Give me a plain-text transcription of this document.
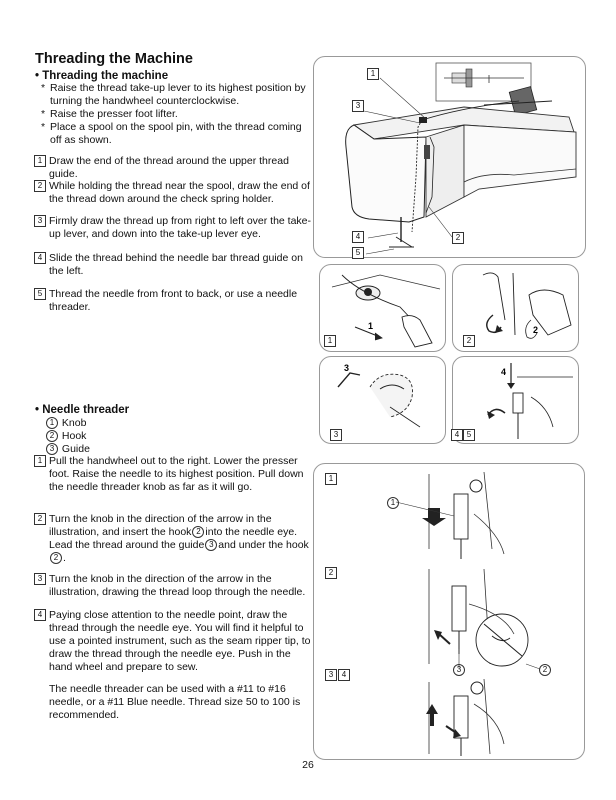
Threading the Machine
• Threading the machine
* Raise the thread take-up lever to its highest position by turning the handwheel counterclockwise.
* Raise the presser foot lifter.
* Place a spool on the spool pin, with the thread coming off as shown.
1 Draw the end of the thread around the upper thread guide.
2 While holding the thread near the spool, draw the end of the thread down around the check spring holder.
3 Firmly draw the thread up from right to left over the take-up lever, and down into the take-up lever eye.
4 Slide the thread behind the needle bar thread guide on the left.
5 Thread the needle from front to back, or use a needle threader.
• Needle threader
1 Knob
2 Hook
3 Guide
1 Pull the handwheel out to the right. Lower the presser foot. Raise the needle to its highest position. Pull down the needle threader knob as far as it will go.
2 Turn the knob in the direction of the arrow in the illustration, and insert the hook 2 into the needle eye. Lead the thread around the guide 3 and under the hook 2 .
3 Turn the knob in the direction of the arrow in the illustration, drawing the thread loop through the needle.
4 Paying close attention to the needle point, draw the thread through the needle eye. You will find it helpful to use a pointed instrument, such as the seam ripper tip, to draw the thread through the needle eye. Push in the hand wheel and prepare to sew.
The needle threader can be used with a #11 to #16 needle, or a #11 Blue needle. Thread size 50 to 100 is recommended.
1
3
4	2
5
1
1
2
2
3
3
4
4 5
1
2
3	4
1
3	2
26
